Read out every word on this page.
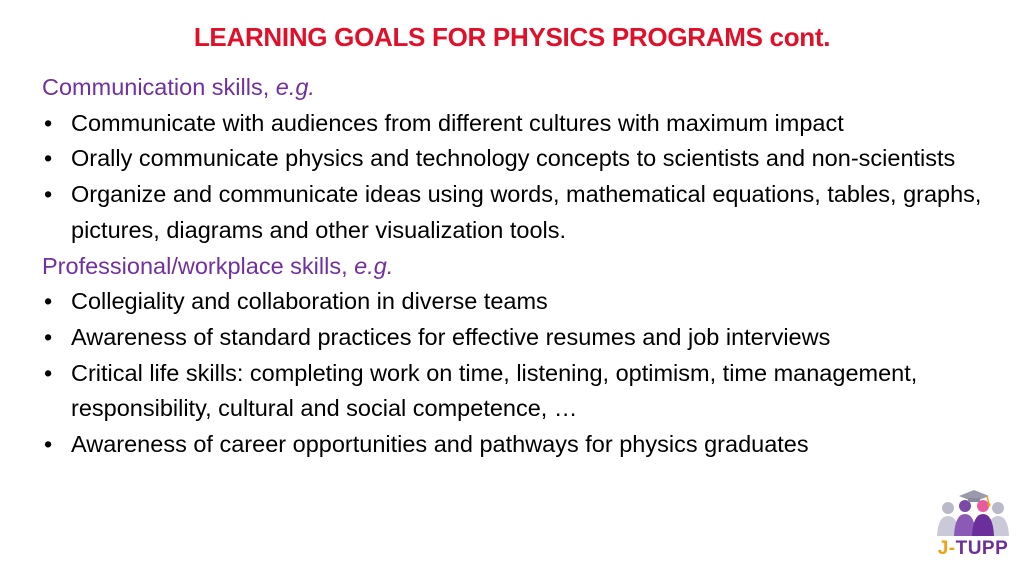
LEARNING GOALS FOR PHYSICS PROGRAMS cont.
Communication skills, e.g.
• Communicate with audiences from different cultures with maximum impact
• Orally communicate physics and technology concepts to scientists and non-scientists
• Organize and communicate ideas using words, mathematical equations, tables, graphs, pictures, diagrams and other visualization tools.
Professional/workplace skills, e.g.
• Collegiality and collaboration in diverse teams
• Awareness of standard practices for effective resumes and job interviews
• Critical life skills: completing work on time, listening, optimism, time management, responsibility, cultural and social competence, …
• Awareness of career opportunities and pathways for physics graduates
J-TUPP
